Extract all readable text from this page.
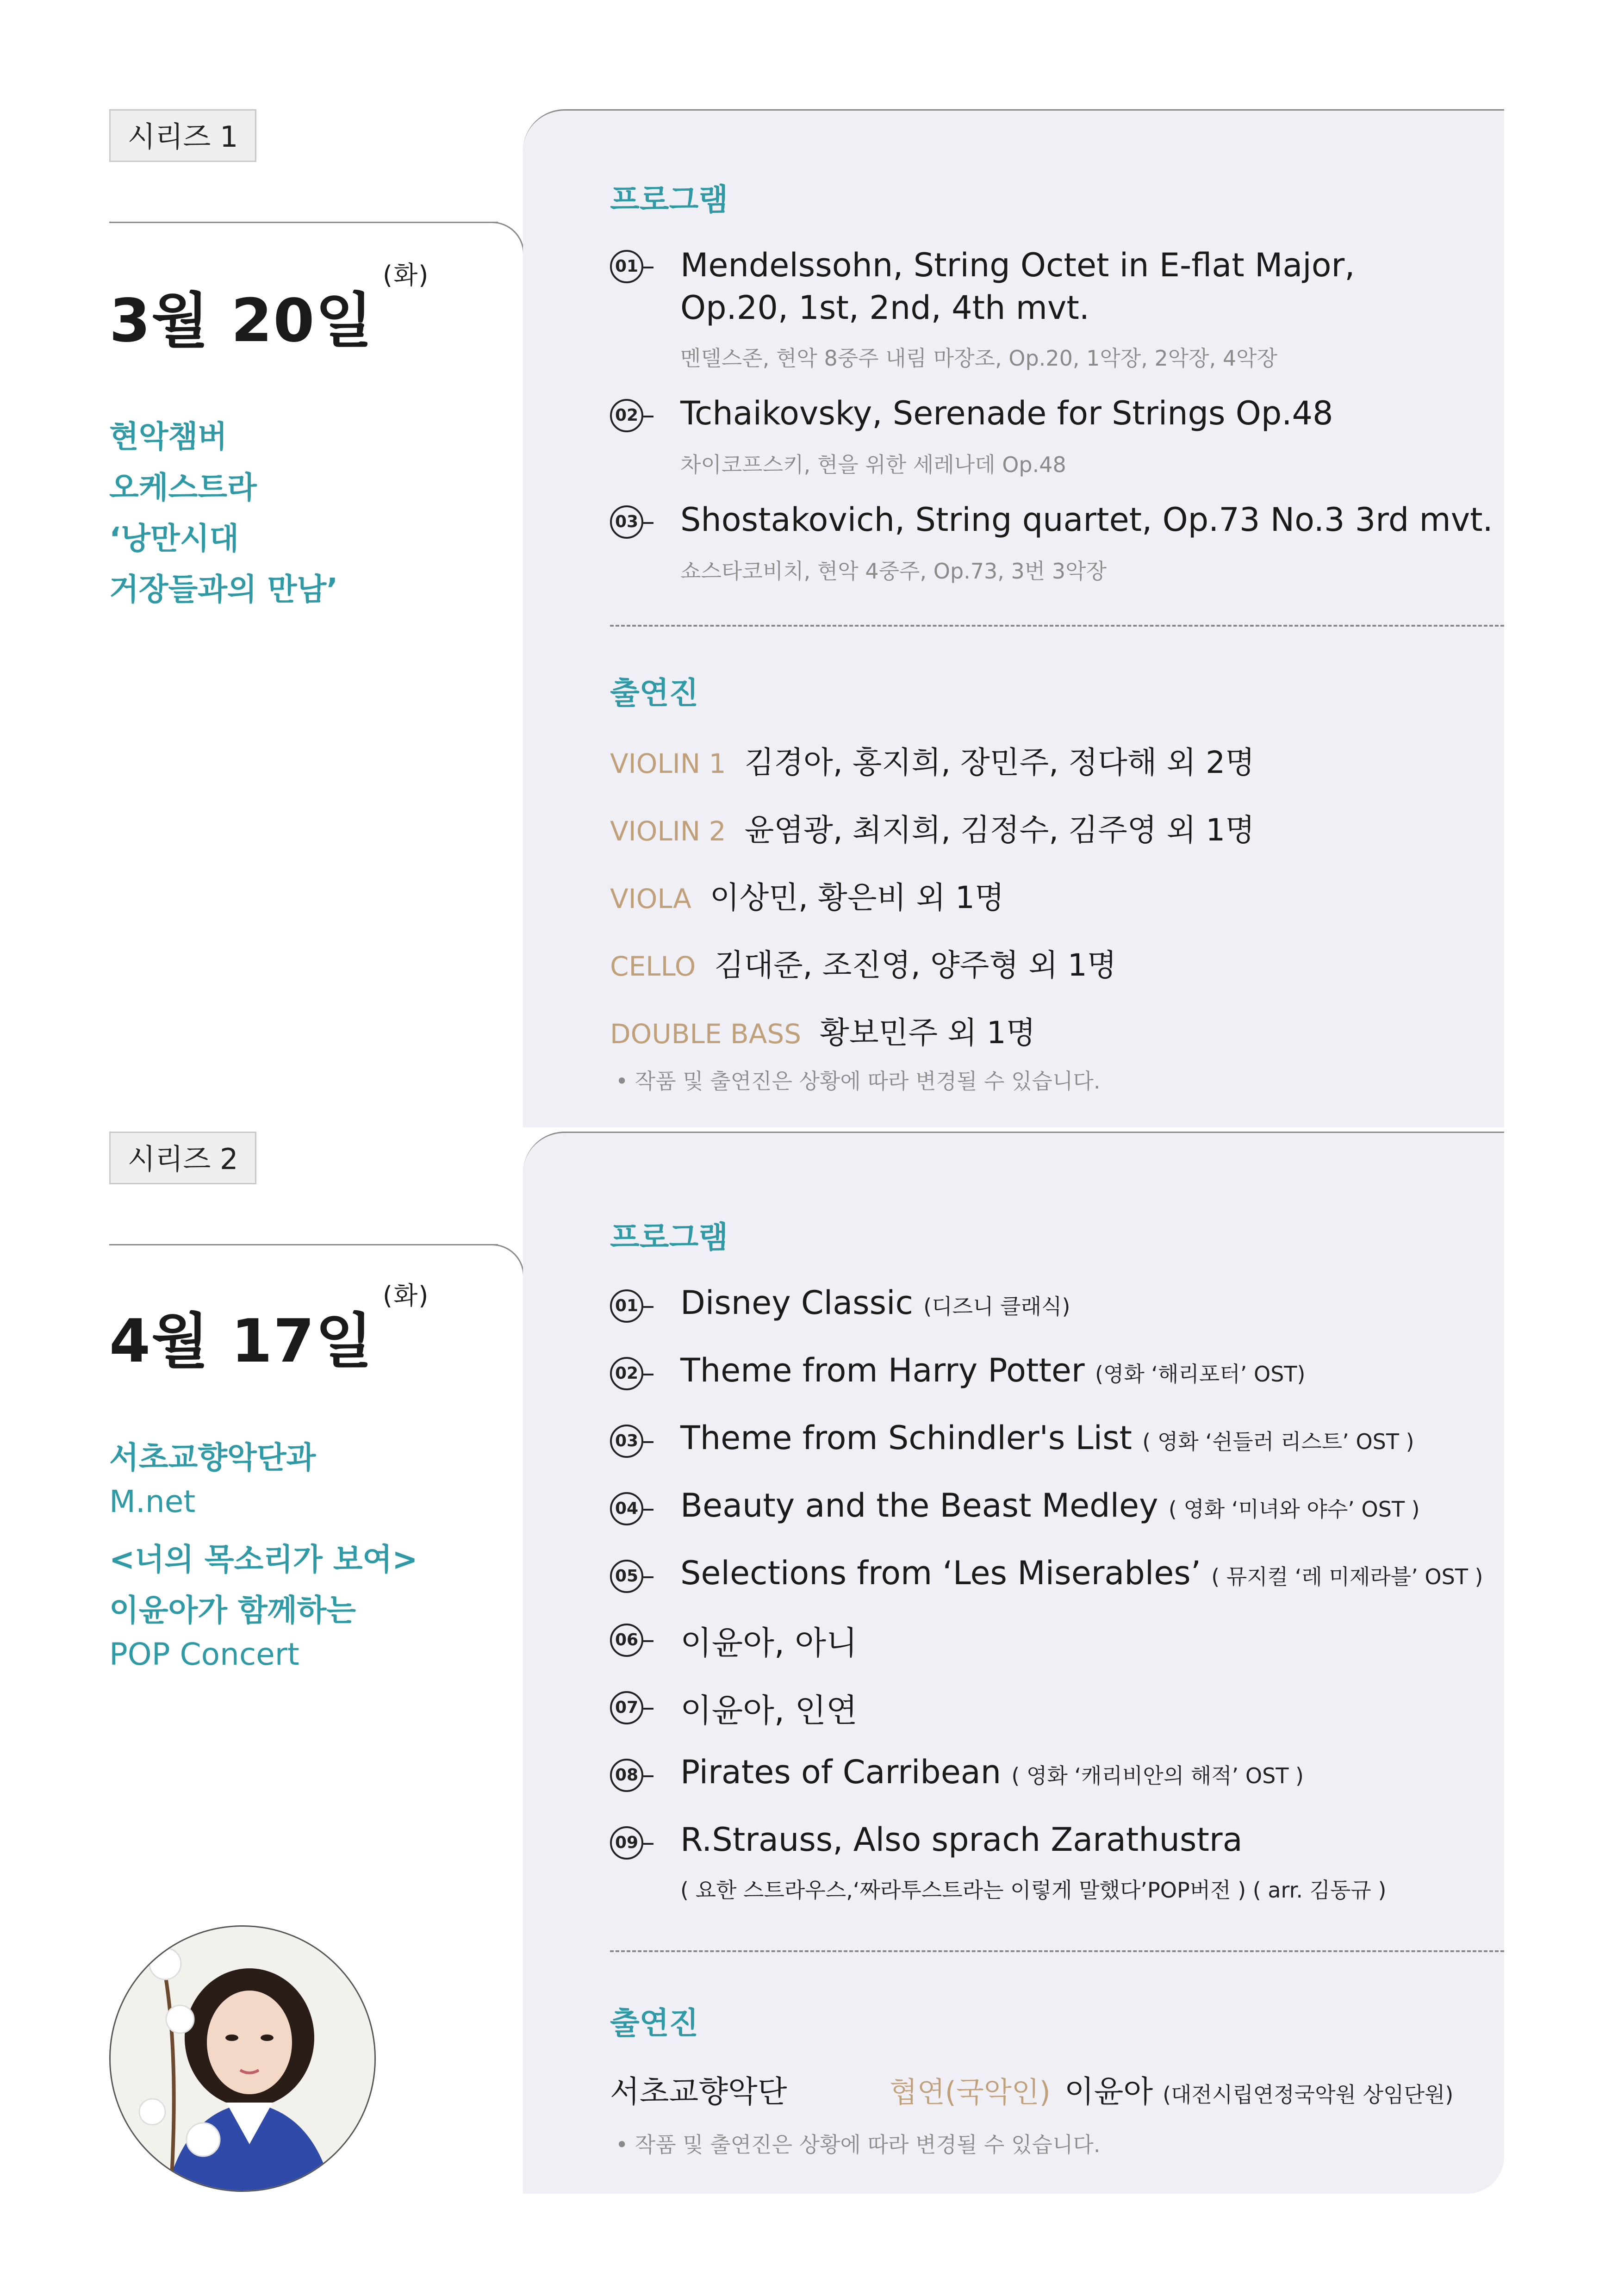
시리즈 1
3월 20일$^{(화)}$
현악챔버
오케스트라
‘낭만시대
거장들과의 만남’
프로그램
01 Mendelssohn, String Octet in E-flat Major,
Op.20, 1st, 2nd, 4th mvt.
멘델스존, 현악 8중주 내림 마장조, Op.20, 1악장, 2악장, 4악장
02 Tchaikovsky, Serenade for Strings Op.48
차이코프스키, 현을 위한 세레나데 Op.48
03 Shostakovich, String quartet, Op.73 No.3 3rd mvt.
쇼스타코비치, 현악 4중주, Op.73, 3번 3악장
출연진
VIOLIN 1 김경아, 홍지희, 장민주, 정다해 외 2명
VIOLIN 2 윤염광, 최지희, 김정수, 김주영 외 1명
VIOLA 이상민, 황은비 외 1명
CELLO 김대준, 조진영, 양주형 외 1명
DOUBLE BASS 황보민주 외 1명
• 작품 및 출연진은 상황에 따라 변경될 수 있습니다.
시리즈 2
4월 17일$^{(화)}$
서초교향악단과
M.net
<너의 목소리가 보여>
이윤아가 함께하는
POP Concert
프로그램
01 Disney Classic (디즈니 클래식)
02 Theme from Harry Potter (영화 ‘해리포터’ OST)
03 Theme from Schindler's List ( 영화 ‘쉰들러 리스트’ OST )
04 Beauty and the Beast Medley ( 영화 ‘미녀와 야수’ OST )
05 Selections from ‘Les Miserables’ ( 뮤지컬 ‘레 미제라블’ OST )
06 이윤아, 아니
07 이윤아, 인연
08 Pirates of Carribean ( 영화 ‘캐리비안의 해적’ OST )
09 R.Strauss, Also sprach Zarathustra
( 요한 스트라우스,‘짜라투스트라는 이렇게 말했다’POP버전 ) ( arr. 김동규 )
출연진
서초교향악단	협연(국악인) 이윤아 (대전시립연정국악원 상임단원)
• 작품 및 출연진은 상황에 따라 변경될 수 있습니다.
